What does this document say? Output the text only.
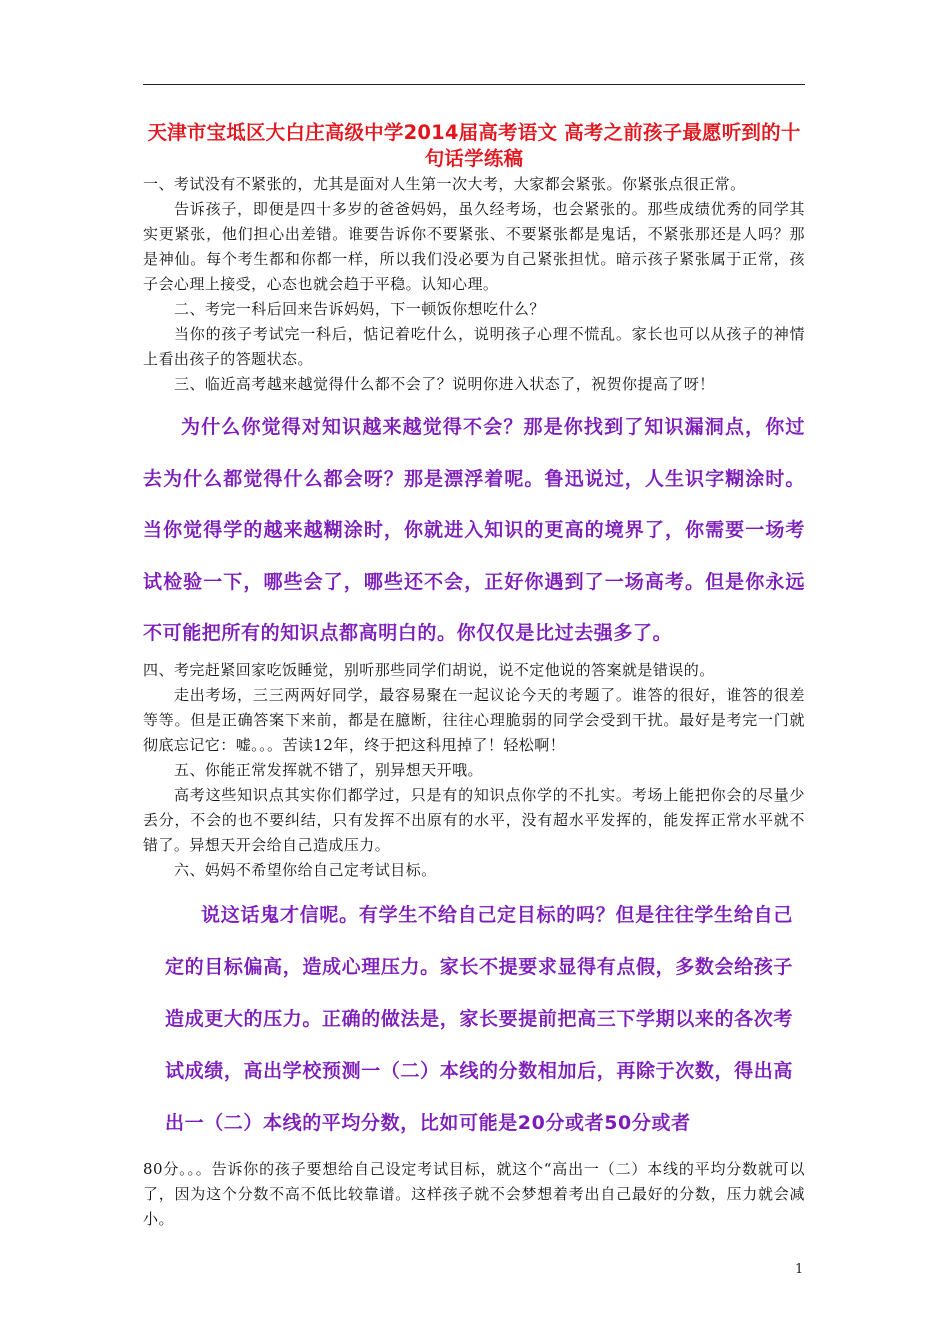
天津市宝坻区大白庄高级中学2014届高考语文 高考之前孩子最愿听到的十句话学练稿

一、考试没有不紧张的，尤其是面对人生第一次大考，大家都会紧张。你紧张点很正常。

告诉孩子，即便是四十多岁的爸爸妈妈，虽久经考场，也会紧张的。那些成绩优秀的同学其实更紧张，他们担心出差错。谁要告诉你不要紧张、不要紧张都是鬼话，不紧张那还是人吗？那是神仙。每个考生都和你都一样，所以我们没必要为自己紧张担忧。暗示孩子紧张属于正常，孩子会心理上接受，心态也就会趋于平稳。认知心理。

二、考完一科后回来告诉妈妈，下一顿饭你想吃什么？

当你的孩子考试完一科后，惦记着吃什么，说明孩子心理不慌乱。家长也可以从孩子的神情上看出孩子的答题状态。

三、临近高考越来越觉得什么都不会了？说明你进入状态了，祝贺你提高了呀！

为什么你觉得对知识越来越觉得不会？那是你找到了知识漏洞点，你过去为什么都觉得什么都会呀？那是漂浮着呢。鲁迅说过，人生识字糊涂时。当你觉得学的越来越糊涂时，你就进入知识的更高的境界了，你需要一场考试检验一下，哪些会了，哪些还不会，正好你遇到了一场高考。但是你永远不可能把所有的知识点都高明白的。你仅仅是比过去强多了。

四、考完赶紧回家吃饭睡觉，别听那些同学们胡说，说不定他说的答案就是错误的。

走出考场，三三两两好同学，最容易聚在一起议论今天的考题了。谁答的很好，谁答的很差等等。但是正确答案下来前，都是在臆断，往往心理脆弱的同学会受到干扰。最好是考完一门就彻底忘记它：嘘。。。苦读12年，终于把这科甩掉了！轻松啊！

五、你能正常发挥就不错了，别异想天开哦。

高考这些知识点其实你们都学过，只是有的知识点你学的不扎实。考场上能把你会的尽量少丢分，不会的也不要纠结，只有发挥不出原有的水平，没有超水平发挥的，能发挥正常水平就不错了。异想天开会给自己造成压力。

六、妈妈不希望你给自己定考试目标。

说这话鬼才信呢。有学生不给自己定目标的吗？但是往往学生给自己定的目标偏高，造成心理压力。家长不提要求显得有点假，多数会给孩子造成更大的压力。正确的做法是，家长要提前把高三下学期以来的各次考试成绩，高出学校预测一（二）本线的分数相加后，再除于次数，得出高出一（二）本线的平均分数，比如可能是20分或者50分或者

80分。。。告诉你的孩子要想给自己设定考试目标，就这个“高出一（二）本线的平均分数就可以了，因为这个分数不高不低比较靠谱。这样孩子就不会梦想着考出自己最好的分数，压力就会减小。

1
